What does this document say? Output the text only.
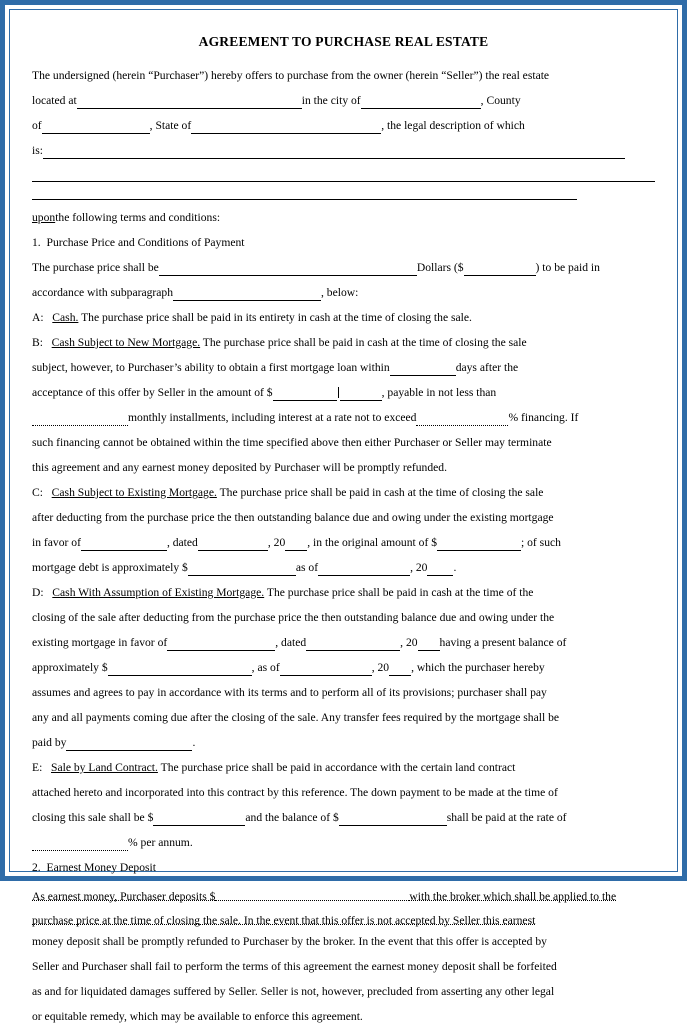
AGREEMENT TO PURCHASE REAL ESTATE

The undersigned (herein “Purchaser”) hereby offers to purchase from the owner (herein “Seller”) the real estate

located at	in the city of	, County

of	, State of	, the legal description of which

is:

uponthe following terms and conditions:

1. Purchase Price and Conditions of Payment

The purchase price shall be	Dollars ($	) to be paid in

accordance with subparagraph	, below:

A: Cash. The purchase price shall be paid in its entirety in cash at the time of closing the sale.

B: Cash Subject to New Mortgage. The purchase price shall be paid in cash at the time of closing the sale

subject, however, to Purchaser’s ability to obtain a first mortgage loan within	days after the

acceptance of this offer by Seller in the amount of $	, payable in not less than

monthly installments, including interest at a rate not to exceed	% financing. If

such financing cannot be obtained within the time specified above then either Purchaser or Seller may terminate

this agreement and any earnest money deposited by Purchaser will be promptly refunded.

C: Cash Subject to Existing Mortgage. The purchase price shall be paid in cash at the time of closing the sale

after deducting from the purchase price the then outstanding balance due and owing under the existing mortgage

in favor of	, dated	, 20 , in the original amount of $	; of such

mortgage debt is approximately $	as of	, 20 .

D: Cash With Assumption of Existing Mortgage. The purchase price shall be paid in cash at the time of the

closing of the sale after deducting from the purchase price the then outstanding balance due and owing under the

existing mortgage in favor of	, dated	, 20 having a present balance of

approximately $	, as of	, 20 , which the purchaser hereby

assumes and agrees to pay in accordance with its terms and to perform all of its provisions; purchaser shall pay

any and all payments coming due after the closing of the sale. Any transfer fees required by the mortgage shall be

paid by	.

E: Sale by Land Contract. The purchase price shall be paid in accordance with the certain land contract

attached hereto and incorporated into this contract by this reference. The down payment to be made at the time of

closing this sale shall be $	and the balance of $	shall be paid at the rate of

% per annum.

2. Earnest Money Deposit

As earnest money, Purchaser deposits $	with the broker which shall be applied to the

purchase price at the time of closing the sale. In the event that this offer is not accepted by Seller this earnest

money deposit shall be promptly refunded to Purchaser by the broker. In the event that this offer is accepted by

Seller and Purchaser shall fail to perform the terms of this agreement the earnest money deposit shall be forfeited

as and for liquidated damages suffered by Seller. Seller is not, however, precluded from asserting any other legal

or equitable remedy, which may be available to enforce this agreement.
